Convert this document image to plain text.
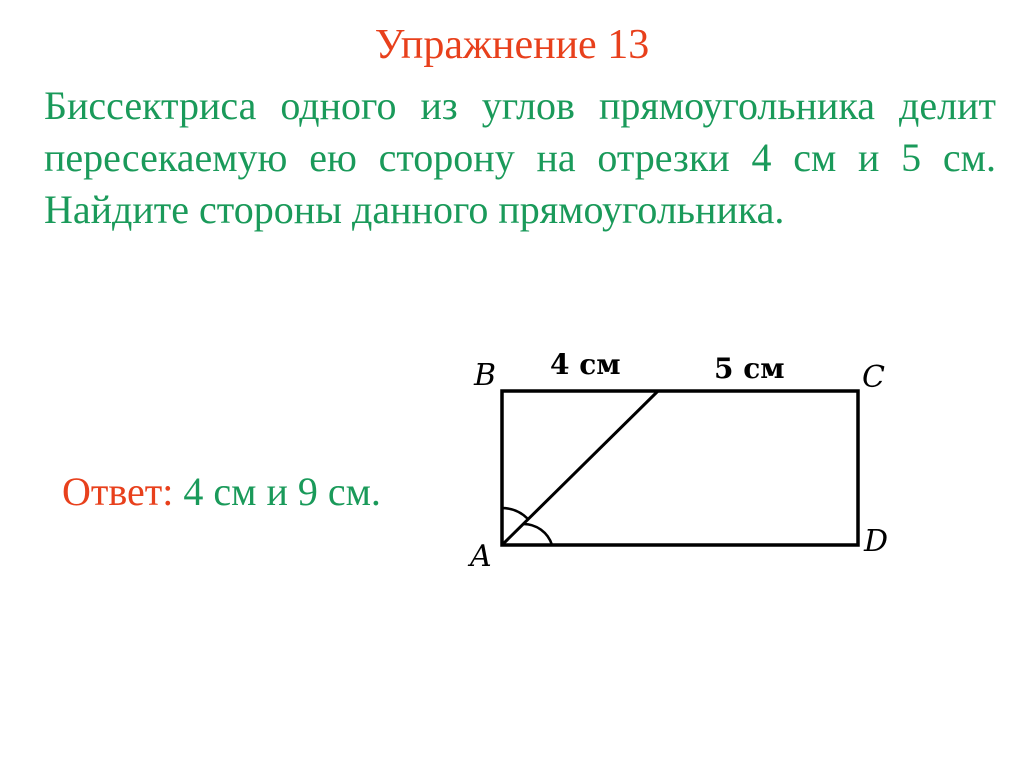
Упражнение 13
Биссектриса одного из углов прямоугольника делит пересекаемую ею сторону на отрезки 4 см и 5 см. Найдите стороны данного прямоугольника.
Ответ: 4 см и 9 см.
B	C
D
A
4 см	5 см
